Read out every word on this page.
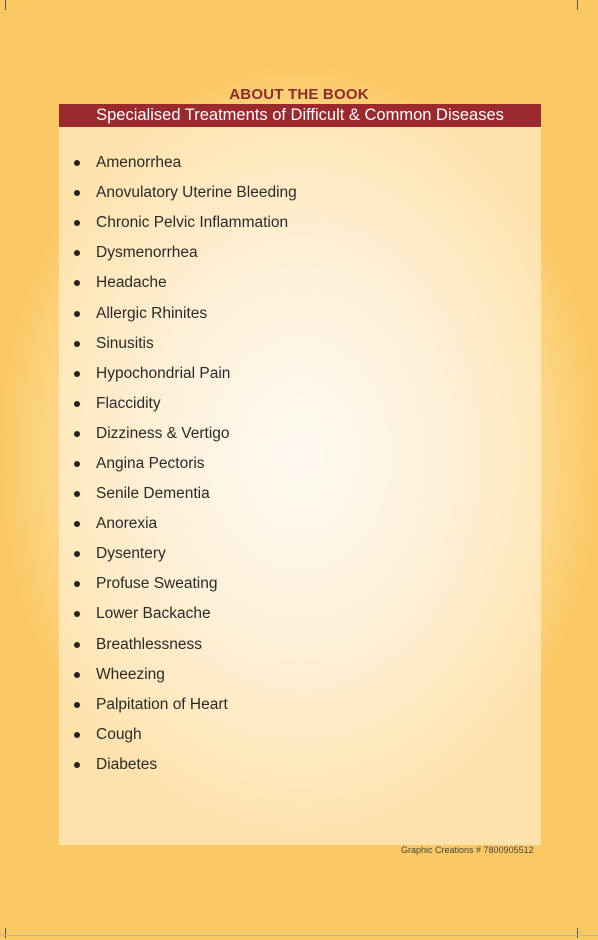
ABOUT THE BOOK
Specialised Treatments of Difficult & Common Diseases
Amenorrhea
Anovulatory Uterine Bleeding
Chronic Pelvic Inflammation
Dysmenorrhea
Headache
Allergic Rhinites
Sinusitis
Hypochondrial Pain
Flaccidity
Dizziness & Vertigo
Angina Pectoris
Senile Dementia
Anorexia
Dysentery
Profuse Sweating
Lower Backache
Breathlessness
Wheezing
Palpitation of Heart
Cough
Diabetes
Graphic Creations # 7800905512
